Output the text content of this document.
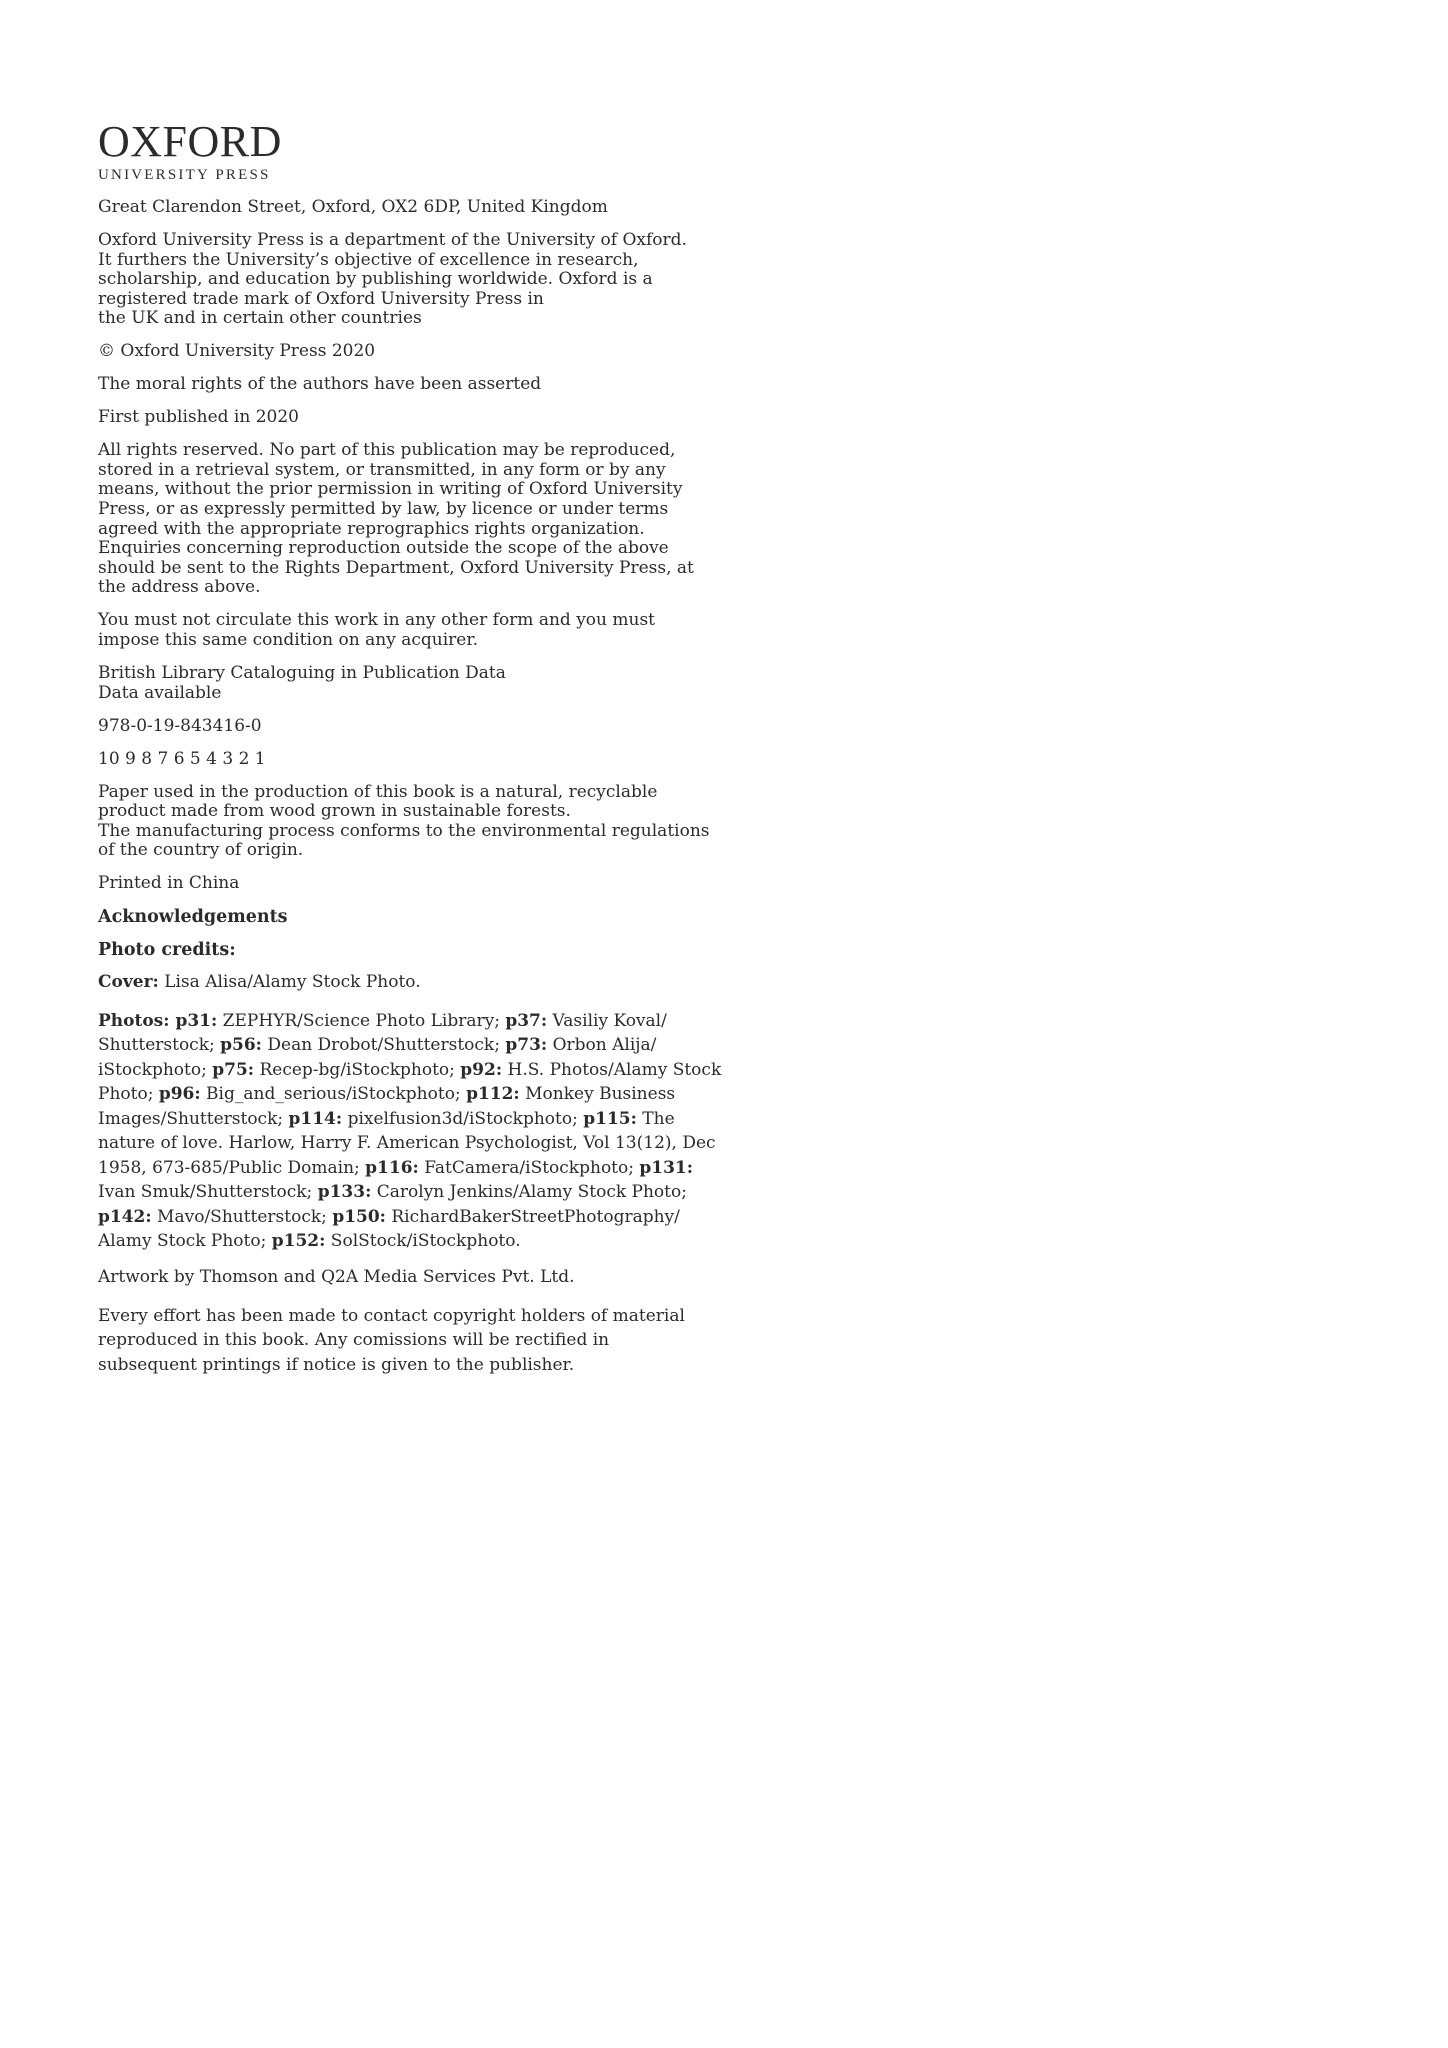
OXFORD
UNIVERSITY PRESS

Great Clarendon Street, Oxford, OX2 6DP, United Kingdom

Oxford University Press is a department of the University of Oxford.
It furthers the University’s objective of excellence in research,
scholarship, and education by publishing worldwide. Oxford is a
registered trade mark of Oxford University Press in
the UK and in certain other countries

© Oxford University Press 2020

The moral rights of the authors have been asserted

First published in 2020

All rights reserved. No part of this publication may be reproduced,
stored in a retrieval system, or transmitted, in any form or by any
means, without the prior permission in writing of Oxford University
Press, or as expressly permitted by law, by licence or under terms
agreed with the appropriate reprographics rights organization.
Enquiries concerning reproduction outside the scope of the above
should be sent to the Rights Department, Oxford University Press, at
the address above.

You must not circulate this work in any other form and you must
impose this same condition on any acquirer.

British Library Cataloguing in Publication Data
Data available

978-0-19-843416-0

10 9 8 7 6 5 4 3 2 1

Paper used in the production of this book is a natural, recyclable
product made from wood grown in sustainable forests.
The manufacturing process conforms to the environmental regulations
of the country of origin.

Printed in China

Acknowledgements

Photo credits:

Cover: Lisa Alisa/Alamy Stock Photo.

Photos: p31: ZEPHYR/Science Photo Library; p37: Vasiliy Koval/
Shutterstock; p56: Dean Drobot/Shutterstock; p73: Orbon Alija/
iStockphoto; p75: Recep-bg/iStockphoto; p92: H.S. Photos/Alamy Stock
Photo; p96: Big_and_serious/iStockphoto; p112: Monkey Business
Images/Shutterstock; p114: pixelfusion3d/iStockphoto; p115: The
nature of love. Harlow, Harry F. American Psychologist, Vol 13(12), Dec
1958, 673-685/Public Domain; p116: FatCamera/iStockphoto; p131:
Ivan Smuk/Shutterstock; p133: Carolyn Jenkins/Alamy Stock Photo;
p142: Mavo/Shutterstock; p150: RichardBakerStreetPhotography/
Alamy Stock Photo; p152: SolStock/iStockphoto.

Artwork by Thomson and Q2A Media Services Pvt. Ltd.

Every effort has been made to contact copyright holders of material
reproduced in this book. Any comissions will be rectified in
subsequent printings if notice is given to the publisher.
